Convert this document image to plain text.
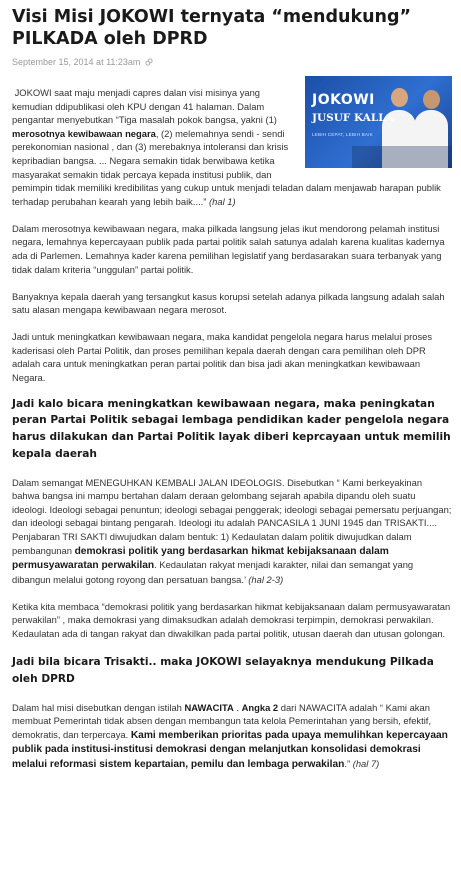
Visi Misi JOKOWI ternyata “mendukung” PILKADA oleh DPRD
September 15, 2014 at 11:23am
JOKOWI
JUSUF KALLA
LEBIH CEPAT, LEBIH BAIK

JOKOWI saat maju menjadi capres dalan visi misinya yang kemudian ddipublikasi oleh KPU dengan 41 halaman. Dalam pengantar menyebutkan “Tiga masalah pokok bangsa, yakni (1) merosotnya kewibawaan negara, (2) melemahnya sendi - sendi perekonomian nasional , dan (3) merebaknya intoleransi dan krisis kepribadian bangsa. ... Negara semakin tidak berwibawa ketika masyarakat semakin tidak percaya kepada institusi publik, dan pemimpin tidak memiliki kredibilitas yang cukup untuk menjadi teladan dalam menjawab harapan publik terhadap perubahan kearah yang lebih baik....” (hal 1)

Dalam merosotnya kewibawaan negara, maka pilkada langsung jelas ikut mendorong pelamah institusi negara, lemahnya kepercayaan publik pada partai politik salah satunya adalah karena kualitas kadernya ada di Parlemen. Lemahnya kader karena pemilihan legislatif yang berdasarakan suara terbanyak yang tidak dalam kriteria “unggulan” partai politik.

Banyaknya kepala daerah yang tersangkut kasus korupsi setelah adanya pilkada langsung adalah salah satu alasan mengapa kewibawaan negara merosot.

Jadi untuk meningkatkan kewibawaan negara, maka kandidat pengelola negara harus melalui proses kaderisasi oleh Partai Politik, dan proses pemilihan kepala daerah dengan cara pemilihan oleh DPR adalah cara untuk meningkatkan peran partai politik dan bisa jadi akan meningkatkan kewibawaan Negara.

Jadi kalo bicara meningkatkan kewibawaan negara, maka peningkatan peran Partai Politik sebagai lembaga pendidikan kader pengelola negara harus dilakukan dan Partai Politik layak diberi keprcayaan untuk memilih kepala daerah

Dalam semangat MENEGUHKAN KEMBALI JALAN IDEOLOGIS. Disebutkan “ Kami berkeyakinan bahwa bangsa ini mampu bertahan dalam deraan gelombang sejarah apabila dipandu oleh suatu ideologi. Ideologi sebagai penuntun; ideologi sebagai penggerak; ideologi sebagai pemersatu perjuangan; dan ideologi sebagai bintang pengarah. Ideologi itu adalah PANCASILA 1 JUNI 1945 dan TRISAKTI.... Penjabaran TRI SAKTI diwujudkan dalam bentuk: 1) Kedaulatan dalam politik diwujudkan dalam pembangunan demokrasi politik yang berdasarkan hikmat kebijaksanaan dalam permusyawaratan perwakilan. Kedaulatan rakyat menjadi karakter, nilai dan semangat yang dibangun melalui gotong royong dan persatuan bangsa.’ (hal 2-3)

Ketika kita membaca “demokrasi politik yang berdasarkan hikmat kebijaksanaan dalam permusyawaratan perwakilan” , maka demokrasi yang dimaksudkan adalah demokrasi terpimpin, demokrasi perwakilan. Kedaulatan ada di tangan rakyat dan diwakilkan pada partai politik, utusan daerah dan utusan golongan.

Jadi bila bicara Trisakti.. maka JOKOWI selayaknya mendukung Pilkada oleh DPRD

Dalam hal misi disebutkan dengan istilah NAWACITA . Angka 2 dari NAWACITA adalah “ Kami akan membuat Pemerintah tidak absen dengan membangun tata kelola Pemerintahan yang bersih, efektif, demokratis, dan terpercaya. Kami memberikan prioritas pada upaya memulihkan kepercayaan publik pada institusi-institusi demokrasi dengan melanjutkan konsolidasi demokrasi melalui reformasi sistem kepartaian, pemilu dan lembaga perwakilan.” (hal 7)
